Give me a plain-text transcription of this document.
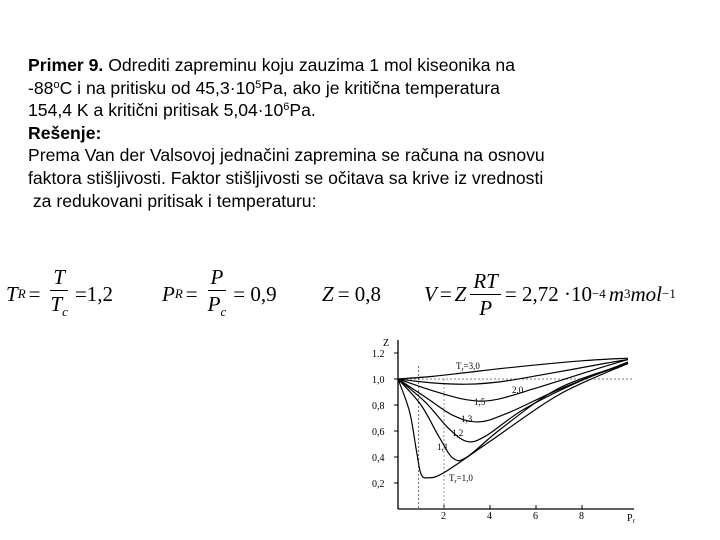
Primer 9. Odrediti zapreminu koju zauzima 1 mol kiseonika na
-88$^o$C i na pritisku od $45,3\cdot 10^5Pa$, ako je kritična temperatura
154,4 K a kritični pritisak $5,04\cdot 10^6Pa$.
Rešenje:
Prema Van der Valsovoj jednačini zapremina se računa na osnovu
faktora stišljivosti. Faktor stišljivosti se očitava sa krive iz vrednosti
za redukovani pritisak i temperaturu:
T $R = \frac{T}{T_c} =1,2$ P $R = \frac{P}{P_c} = 0,9$ Z = 0,8 V = Z $\frac{RT}{P} = 2,72 \cdot 10 -4$ m 3 mol −1
Z
$P_r$
1.2
1,0
0,8
0,6
0,4
0,2
2	4	6	8
$T_r=3,0$
2.0
1,5
1,3
1,2
1,1
$T_r=1,0$
